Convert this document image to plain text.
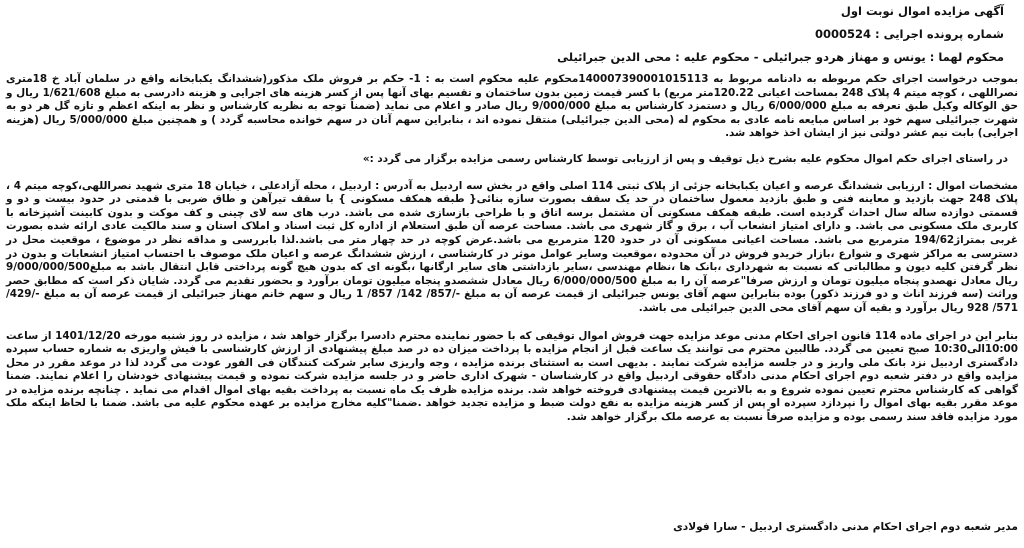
آگهی مزایده اموال نوبت اول
شماره پرونده اجرایی : 0000524
محکوم لهما : یونس و مهناز هردو جبرائیلی - محکوم علیه : محی الدین جبرائیلی
بموجب درخواست اجرای حکم مربوطه به دادنامه مربوط به 140007390001015113محکوم علیه محکوم است به : 1- حکم بر فروش ملک مذکور(ششدانگ یکبابخانه واقع در سلمان آباد خ 18متری نصراللهی ، کوچه میتم 4 پلاک 248 بمساحت اعیانی 120.22متر مربع) با کسر قیمت زمین بدون ساختمان و تقسیم بهای آنها پس از کسر هزینه های اجرایی و هزینه دادرسی به مبلغ 1/621/608 ریال و حق الوکاله وکیل طبق تعرفه به مبلغ 6/000/000 ریال و دستمزد کارشناس به مبلغ 9/000/000 ریال صادر و اعلام می نماید (ضمناً توجه به نظریه کارشناس و نظر به اینکه اعظم و تازه گل هر دو به شهرت جبرائیلی سهم خود بر اساس مبایعه نامه عادی به محکوم له (محی الدین جبرائیلی) منتقل نموده اند ، بنابراین سهم آنان در سهم خوانده محاسبه گردد ) و همچنین مبلغ 5/000/000 ریال (هزینه اجرایی) بابت نیم عشر دولتی نیز از ایشان اخذ خواهد شد.
در راستای اجرای حکم اموال محکوم علیه بشرح ذیل توقیف و پس از ارزیابی توسط کارشناس رسمی مزایده برگزار می گردد :»
مشخصات اموال : ارزیابی ششدانگ عرصه و اعیان یکبابخانه جزئی از پلاک ثبتی 114 اصلی واقع در بخش سه اردبیل به آدرس : اردبیل ، محله آزادعلی ، خیابان 18 متری شهید نصراللهی،کوچه میتم 4 ، پلاک 248 جهت بازدید و معاینه فنی و طبق بازدید معمول ساختمان در حد یک سقف بصورت سازه بنائی{ طبقه همکف مسکونی } با سقف تیرآهن و طاق ضربی با قدمتی در حدود بیست و دو و قسمتی دوازده ساله سال احداث گردیده است. طبقه همکف مسکونی آن مشتمل برسه اتاق و با طراحی بازسازی شده می باشد. درب های سه لای چینی و کف موکت و بدون کابینت آشپزخانه با کاربری ملک مسکونی می باشد. و دارای امتیاز انشعاب آب ، برق و گاز شهری می باشد. مساحت عرصه آن طبق استعلام از اداره کل ثبت اسناد و املاک استان و سند مالکیت عادی ارائه شده بصورت غربی بمتراژ194/62 مترمربع می باشد. مساحت اعیانی مسکونی آن در حدود 120 مترمربع می باشد.عرض کوچه در حد چهار متر می باشد.لذا بابررسی و مداقه نظر در موضوع ، موقعیت محل در دسترسی به مراکز شهری و شوارع ،بازار خریدو فروش در آن محدوده ،موقعیت وسایر عوامل موثر در کارشناسی ، ارزش ششدانگ عرصه و اعیان ملک موصوف با احتساب امتیاز انشعابات و بدون در نظر گرفتن کلیه دیون و مطالباتی که نسبت به شهرداری ،بانک ها ،نظام مهندسی ،سایر بازداشتی های سایر ارگانها ،بگونه ای که بدون هیچ گونه پرداختی قابل انتقال باشد به مبلغ9/000/000/500 ریال معادل نهصدو پنجاه میلیون تومان و ارزش صرفا"عرصه آن را به مبلغ 6/000/000/500 ریال معادل ششصدو پنجاه میلیون تومان برآورد و بحضور تقدیم می گردد. شایان ذکر است که مطابق حصر وراثت (سه فرزند اناث و دو فرزند ذکور) بوده بنابراین سهم آقای یونس جبرائیلی از قیمت عرصه آن به مبلغ -/857/ 142/ 857/ 1 ریال و سهم خانم مهناز جبرائیلی از قیمت عرصه آن به مبلغ -/429/ 571/ 928 ریال برآورد و بقیه آن سهم آقای محی الدین جبرائیلی می باشد.
بنابر این در اجرای ماده 114 قانون اجرای احکام مدنی موعد مزایده جهت فروش اموال توقیفی که با حضور نماینده محترم دادسرا برگزار خواهد شد ، مزایده در روز شنبه مورخه 1401/12/20 از ساعت 10:00الی10:30 صبح تعیین می گردد. طالبین محترم می توانند یک ساعت قبل از انجام مزایده با پرداخت میزان ده در صد مبلغ پیشنهادی از ارزش کارشناسی با فیش واریزی به شماره حساب سپرده دادگستری اردبیل نزد بانک ملی واریز و در جلسه مزایده شرکت نمایند . بدیهی است به استثنای برنده مزایده ، وجه واریزی سایر شرکت کنندگان فی الفور عودت می گردد لذا در موعد مقرر در محل مزایده واقع در دفتر شعبه دوم اجرای احکام مدنی دادگاه حقوقی اردبیل واقع در کارشناسان - شهرک اداری حاضر و در جلسه مزایده شرکت نموده و قیمت پیشنهادی خودشان را اعلام نمایند. ضمنا گواهی که کارشناس محترم تعیین نموده شروع و به بالاترین قیمت پیشنهادی فروخته خواهد شد. برنده مزایده ظرف یک ماه نسبت به پرداخت بقیه بهای اموال اقدام می نماید . چنانچه برنده مزایده در موعد مقرر بقیه بهای اموال را نپردازد سپرده او پس از کسر هزینه مزایده به نفع دولت ضبط و مزایده تجدید خواهد .ضمنا"کلیه مخارج مزایده بر عهده محکوم علیه می باشد. ضمنا با لحاظ اینکه ملک مورد مزایده فاقد سند رسمی بوده و مزایده صرفاً نسبت به عرصه ملک برگزار خواهد شد.
مدیر شعبه دوم اجرای احکام مدنی دادگستری اردبیل - سارا فولادی
